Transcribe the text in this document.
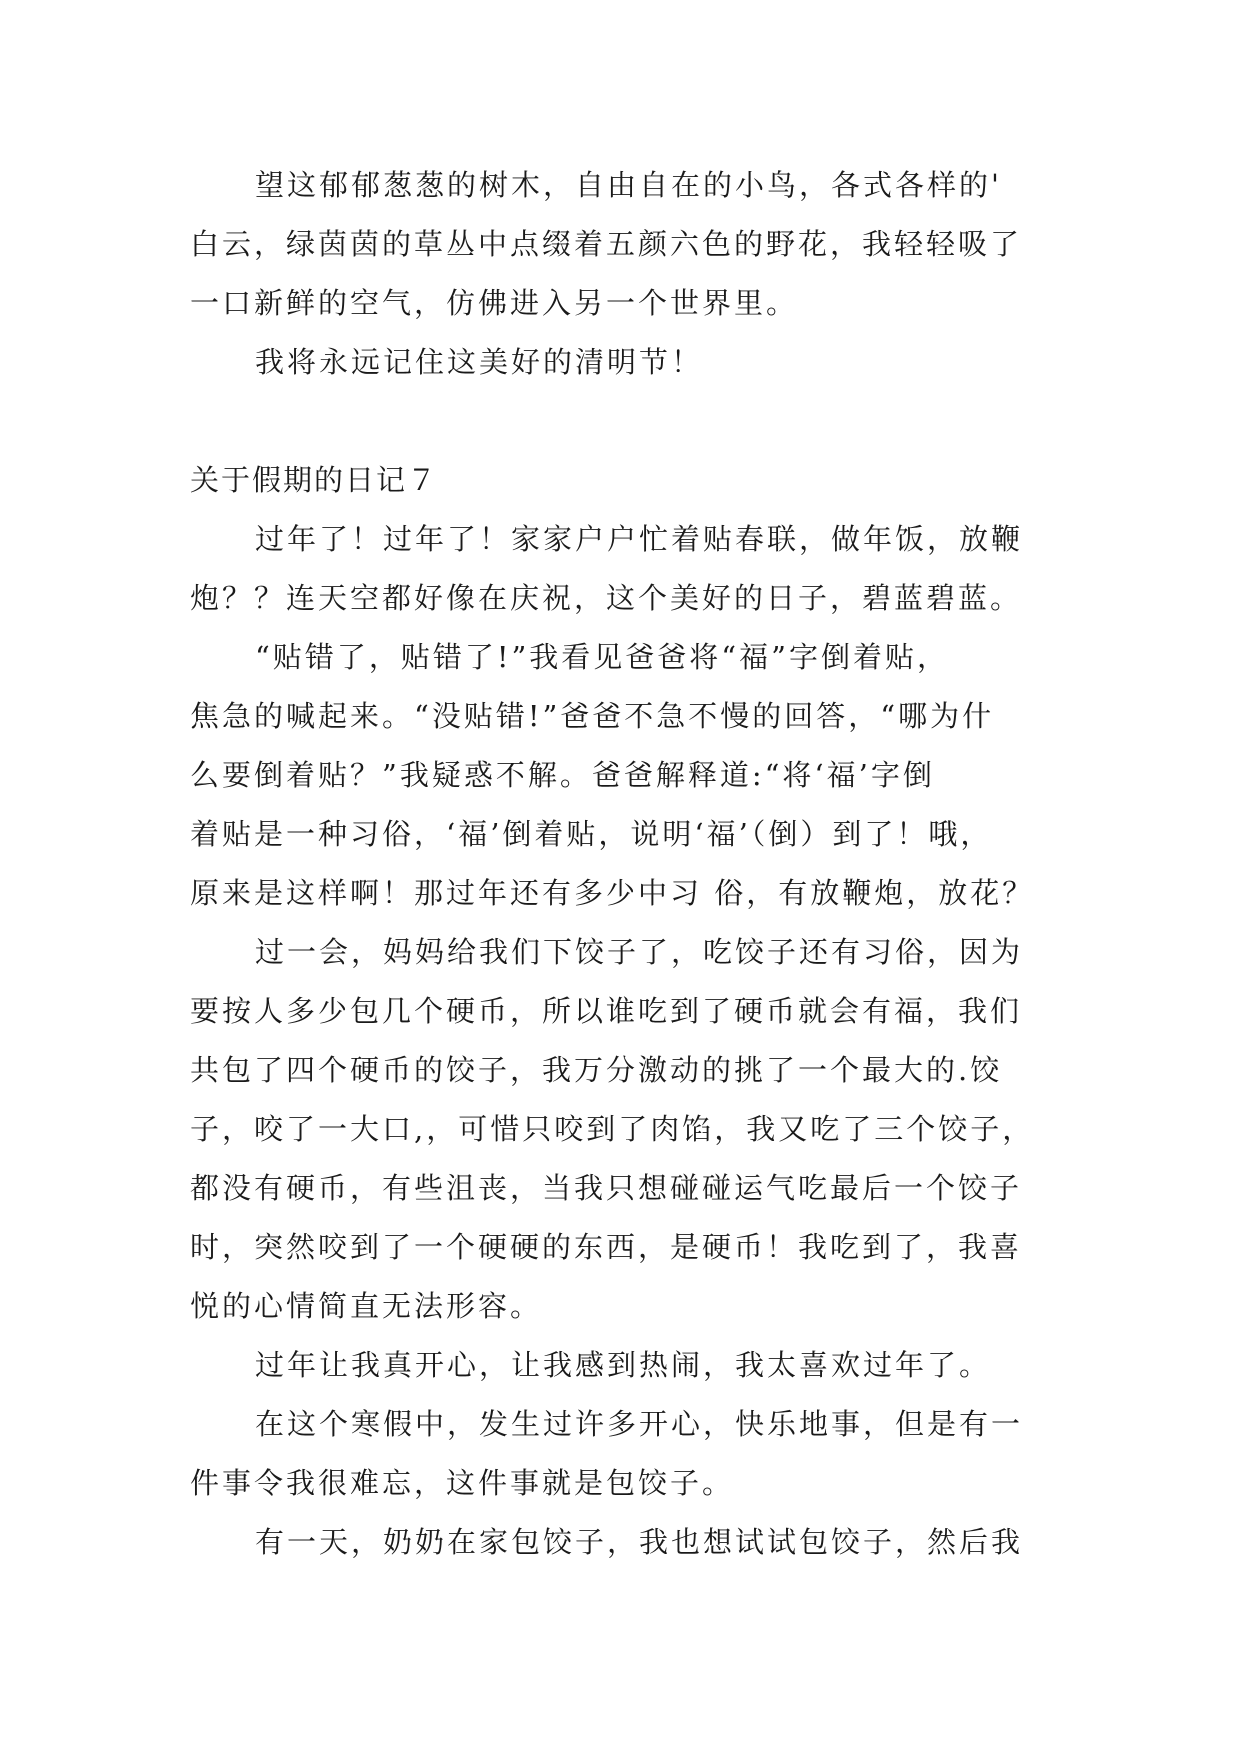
望这郁郁葱葱的树木，自由自在的小鸟，各式各样的'
白云，绿茵茵的草丛中点缀着五颜六色的野花，我轻轻吸了
一口新鲜的空气，仿佛进入另一个世界里。
我将永远记住这美好的清明节！
关于假期的日记７
过年了！过年了！家家户户忙着贴春联，做年饭，放鞭
炮？？连天空都好像在庆祝，这个美好的日子，碧蓝碧蓝。
“贴错了，贴错了!”我看见爸爸将“福”字倒着贴，
焦急的喊起来。“没贴错!”爸爸不急不慢的回答，“哪为什
么要倒着贴？”我疑惑不解。爸爸解释道:“将‘福’字倒
着贴是一种习俗，‘福’倒着贴，说明‘福’（倒）到了！哦，
原来是这样啊！那过年还有多少中习 俗，有放鞭炮，放花？
过一会，妈妈给我们下饺子了，吃饺子还有习俗，因为
要按人多少包几个硬币，所以谁吃到了硬币就会有福，我们
共包了四个硬币的饺子，我万分激动的挑了一个最大的.饺
子，咬了一大口,，可惜只咬到了肉馅，我又吃了三个饺子，
都没有硬币，有些沮丧，当我只想碰碰运气吃最后一个饺子
时，突然咬到了一个硬硬的东西，是硬币！我吃到了，我喜
悦的心情简直无法形容。
过年让我真开心，让我感到热闹，我太喜欢过年了。
在这个寒假中，发生过许多开心，快乐地事，但是有一
件事令我很难忘，这件事就是包饺子。
有一天，奶奶在家包饺子，我也想试试包饺子，然后我
